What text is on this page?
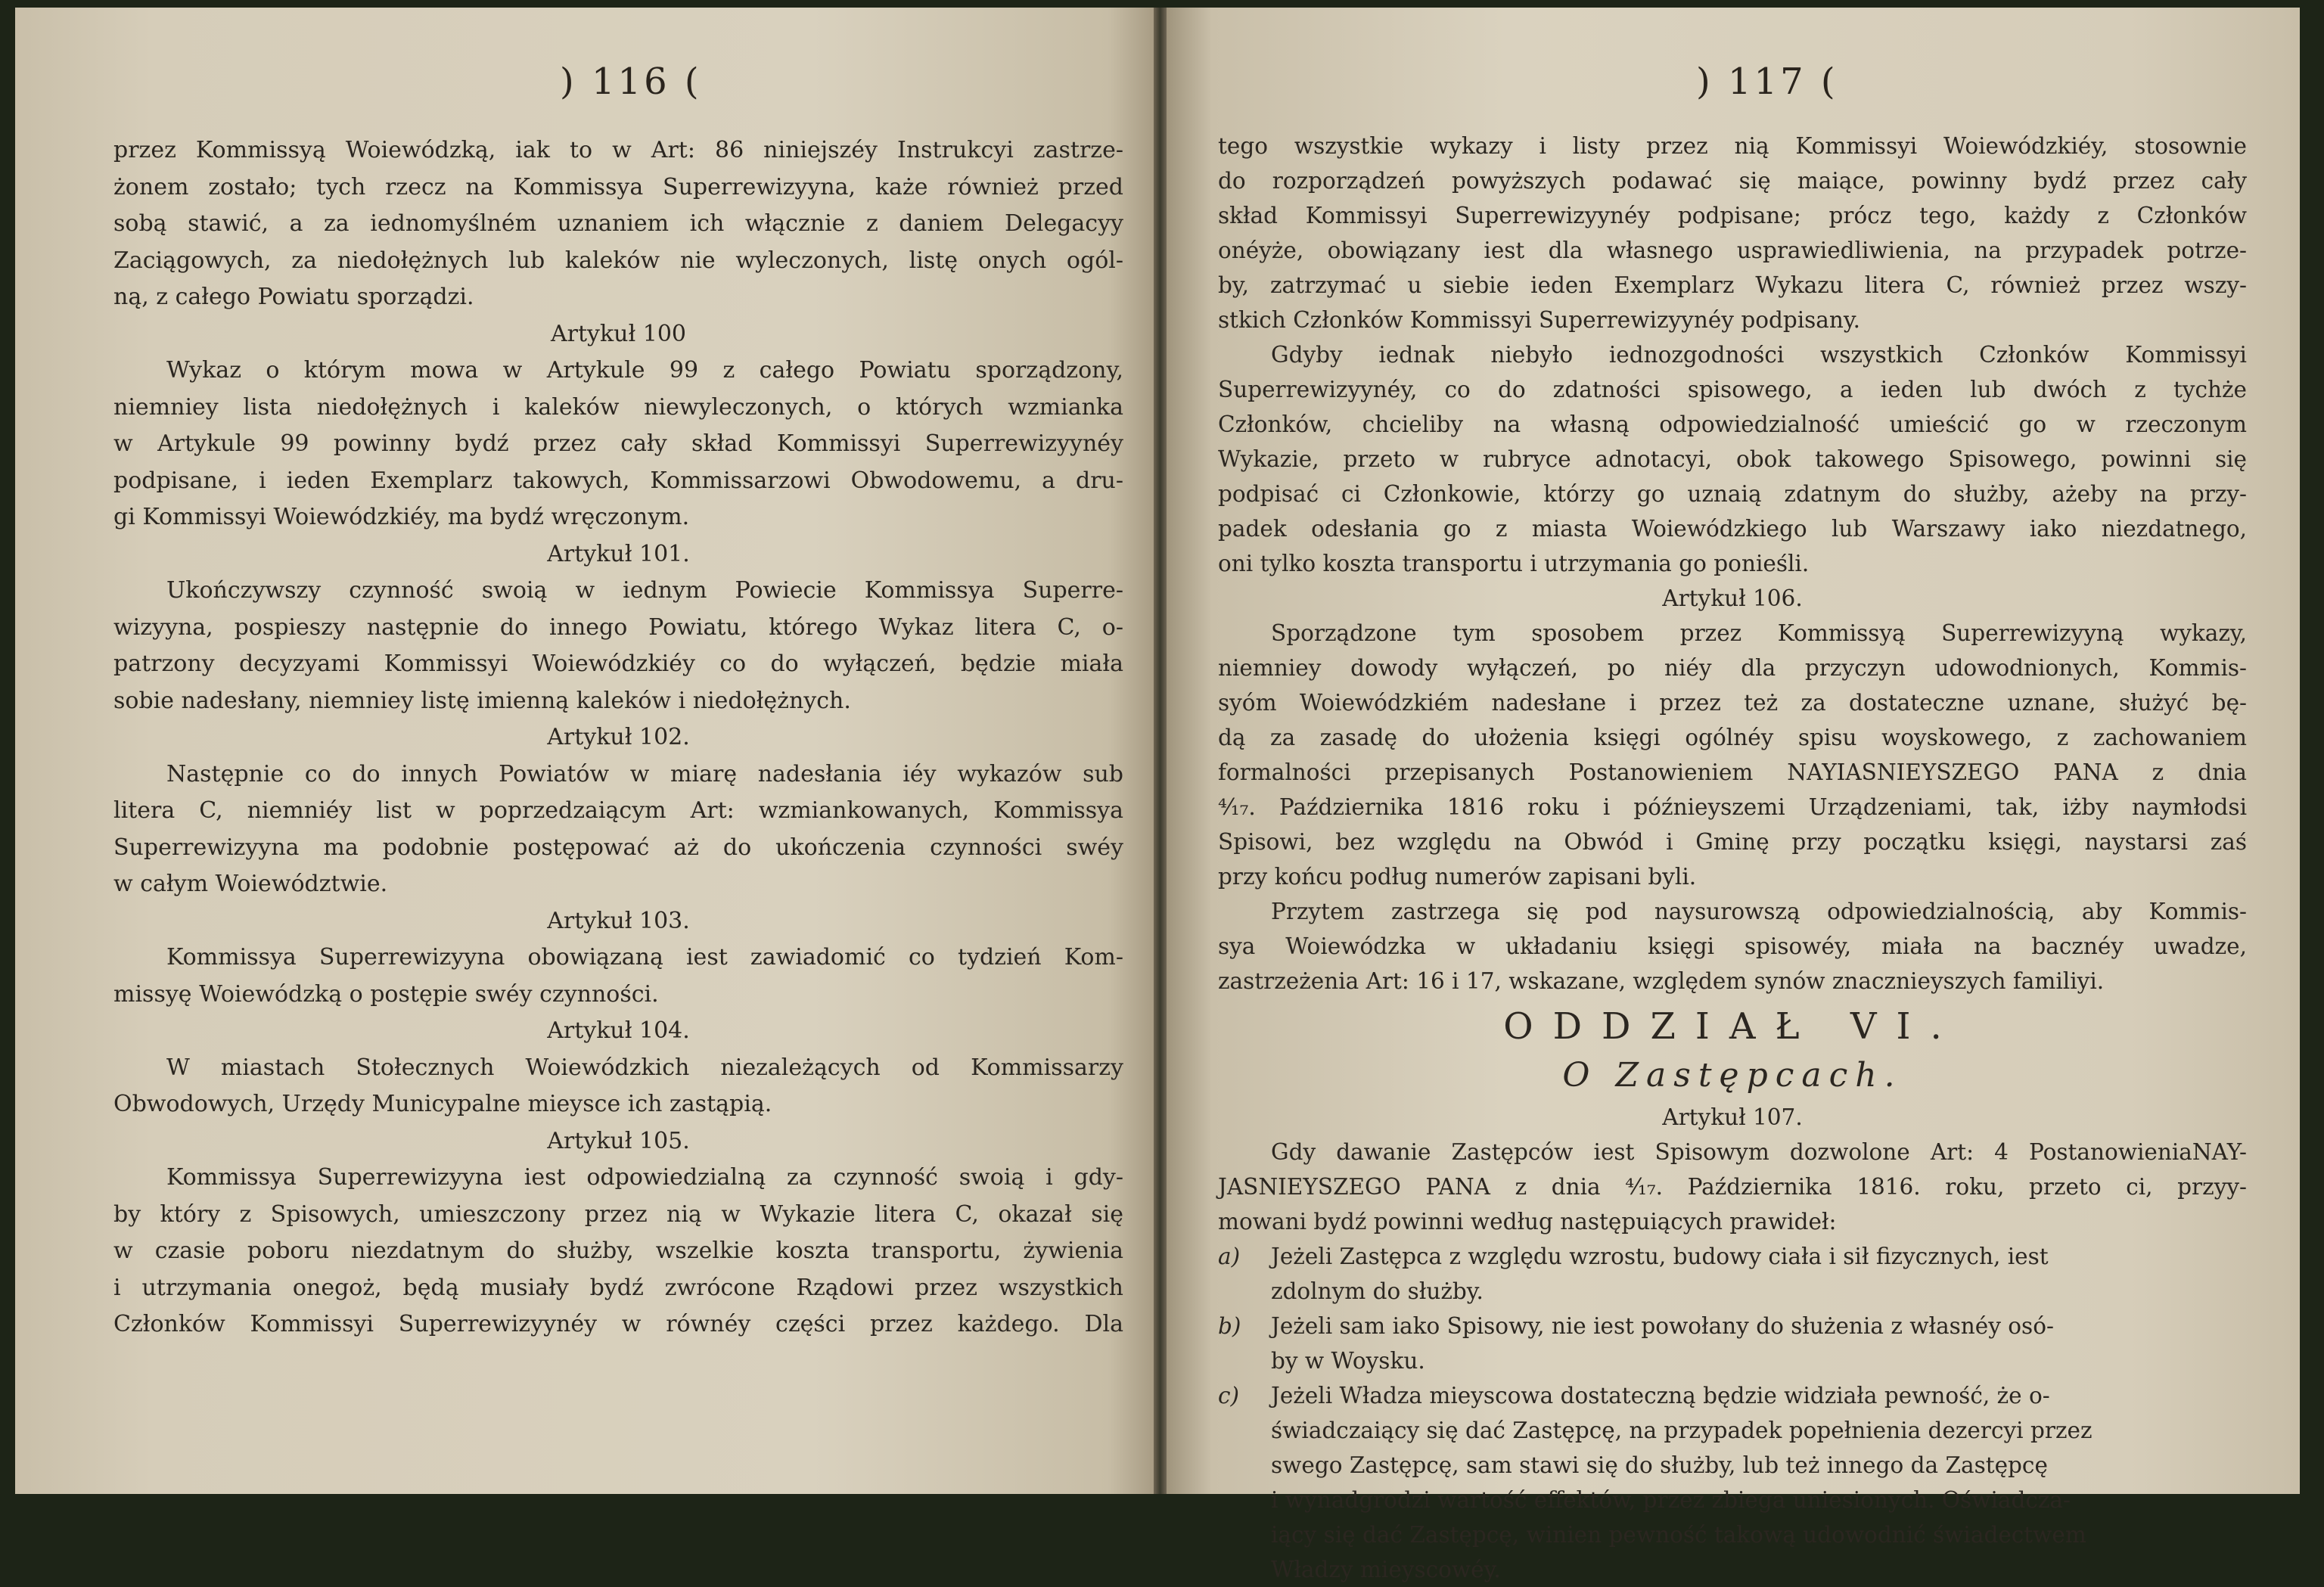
) 116 (
przez Kommissyą Woiewódzką, iak to w Art: 86 niniejszéy Instrukcyi zastrze-
żonem zostało; tych rzecz na Kommissya Superrewizyyna, każe również przed
sobą stawić, a za iednomyślném uznaniem ich włącznie z daniem Delegacyy
Zaciągowych, za niedołężnych lub kaleków nie wyleczonych, listę onych ogól-
ną, z całego Powiatu sporządzi.
Artykuł 100
Wykaz o którym mowa w Artykule 99 z całego Powiatu sporządzony,
niemniey lista niedołężnych i kaleków niewyleczonych, o których wzmianka
w Artykule 99 powinny bydź przez cały skład Kommissyi Superrewizyynéy
podpisane, i ieden Exemplarz takowych, Kommissarzowi Obwodowemu, a dru-
gi Kommissyi Woiewódzkiéy, ma bydź wręczonym.
Artykuł 101.
Ukończywszy czynność swoią w iednym Powiecie Kommissya Superre-
wizyyna, pospieszy następnie do innego Powiatu, którego Wykaz litera C, o-
patrzony decyzyami Kommissyi Woiewódzkiéy co do wyłączeń, będzie miała
sobie nadesłany, niemniey listę imienną kaleków i niedołężnych.
Artykuł 102.
Następnie co do innych Powiatów w miarę nadesłania iéy wykazów sub
litera C, niemniéy list w poprzedzaiącym Art: wzmiankowanych, Kommissya
Superrewizyyna ma podobnie postępować aż do ukończenia czynności swéy
w całym Woiewództwie.
Artykuł 103.
Kommissya Superrewizyyna obowiązaną iest zawiadomić co tydzień Kom-
missyę Woiewódzką o postępie swéy czynności.
Artykuł 104.
W miastach Stołecznych Woiewódzkich niezależących od Kommissarzy
Obwodowych, Urzędy Municypalne mieysce ich zastąpią.
Artykuł 105.
Kommissya Superrewizyyna iest odpowiedzialną za czynność swoią i gdy-
by który z Spisowych, umieszczony przez nią w Wykazie litera C, okazał się
w czasie poboru niezdatnym do służby, wszelkie koszta transportu, żywienia
i utrzymania onegoż, będą musiały bydź zwrócone Rządowi przez wszystkich
Członków Kommissyi Superrewizyynéy w równéy części przez każdego. Dla
) 117 (
tego wszystkie wykazy i listy przez nią Kommissyi Woiewódzkiéy, stosownie
do rozporządzeń powyższych podawać się maiące, powinny bydź przez cały
skład Kommissyi Superrewizyynéy podpisane; prócz tego, każdy z Członków
onéyże, obowiązany iest dla własnego usprawiedliwienia, na przypadek potrze-
by, zatrzymać u siebie ieden Exemplarz Wykazu litera C, również przez wszy-
stkich Członków Kommissyi Superrewizyynéy podpisany.
Gdyby iednak niebyło iednozgodności wszystkich Członków Kommissyi
Superrewizyynéy, co do zdatności spisowego, a ieden lub dwóch z tychże
Członków, chcieliby na własną odpowiedzialność umieścić go w rzeczonym
Wykazie, przeto w rubryce adnotacyi, obok takowego Spisowego, powinni się
podpisać ci Członkowie, którzy go uznaią zdatnym do służby, ażeby na przy-
padek odesłania go z miasta Woiewódzkiego lub Warszawy iako niezdatnego,
oni tylko koszta transportu i utrzymania go ponieśli.
Artykuł 106.
Sporządzone tym sposobem przez Kommissyą Superrewizyyną wykazy,
niemniey dowody wyłączeń, po niéy dla przyczyn udowodnionych, Kommis-
syóm Woiewódzkiém nadesłane i przez też za dostateczne uznane, służyć bę-
dą za zasadę do ułożenia księgi ogólnéy spisu woyskowego, z zachowaniem
formalności przepisanych Postanowieniem NAYIASNIEYSZEGO PANA z dnia
⁴⁄₁₇. Października 1816 roku i późnieyszemi Urządzeniami, tak, iżby naymłodsi
Spisowi, bez względu na Obwód i Gminę przy początku księgi, naystarsi zaś
przy końcu podług numerów zapisani byli.
Przytem zastrzega się pod naysurowszą odpowiedzialnością, aby Kommis-
sya Woiewódzka w układaniu księgi spisowéy, miała na bacznéy uwadze,
zastrzeżenia Art: 16 i 17, wskazane, względem synów znacznieyszych familiyi.
ODDZIAŁ VI.
O Zastępcach.
Artykuł 107.
Gdy dawanie Zastępców iest Spisowym dozwolone Art: 4 PostanowieniaNAY-
JASNIEYSZEGO PANA z dnia ⁴⁄₁₇. Października 1816. roku, przeto ci, przyy-
mowani bydź powinni według następuiących prawideł:
a) Jeżeli Zastępca z względu wzrostu, budowy ciała i sił fizycznych, iest
zdolnym do służby.
b) Jeżeli sam iako Spisowy, nie iest powołany do służenia z własnéy osó-
by w Woysku.
c) Jeżeli Władza mieyscowa dostateczną będzie widziała pewność, że o-
świadczaiący się dać Zastępcę, na przypadek popełnienia dezercyi przez
swego Zastępcę, sam stawi się do służby, lub też innego da Zastępcę
i wynadgrodzi wartość effektów, przez zbiega uniesionych. Oświadcza-
iący się dać Zastępcę, winien pewność takową udowodnić świadectwem
Władzy mieyscowéy.
